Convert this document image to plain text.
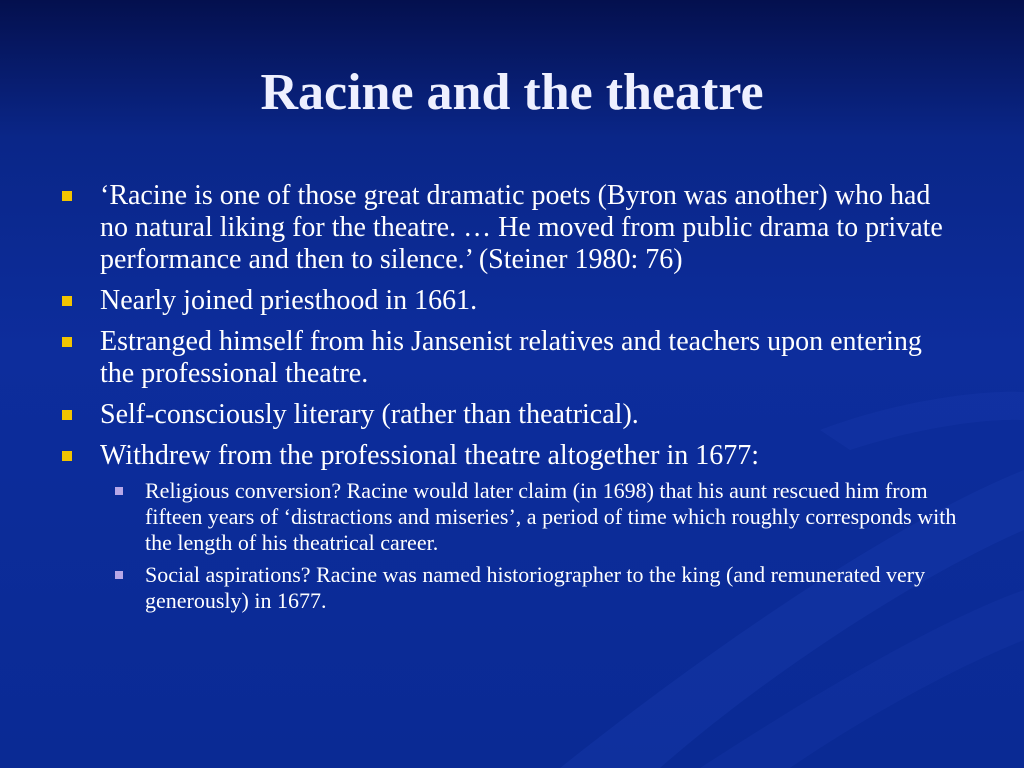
Racine and the theatre
‘Racine is one of those great dramatic poets (Byron was another) who had no natural liking for the theatre. … He moved from public drama to private performance and then to silence.’ (Steiner 1980: 76)
Nearly joined priesthood in 1661.
Estranged himself from his Jansenist relatives and teachers upon entering the professional theatre.
Self-consciously literary (rather than theatrical).
Withdrew from the professional theatre altogether in 1677:
Religious conversion? Racine would later claim (in 1698) that his aunt rescued him from fifteen years of ‘distractions and miseries’, a period of time which roughly corresponds with the length of his theatrical career.
Social aspirations? Racine was named historiographer to the king (and remunerated very generously) in 1677.
